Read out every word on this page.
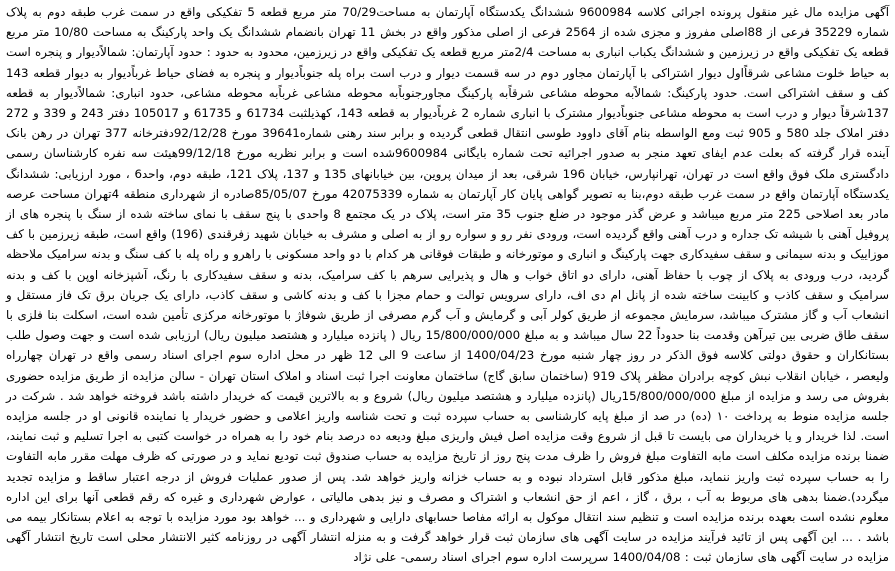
آگهی مزایده مال غیر منقول پرونده اجرائی کلاسه 9600984 ششدانگ یکدستگاه آپارتمان به مساحت70/29 متر مربع قطعه 5 تفکیکی واقع در سمت غرب طبقه دوم به پلاک شماره 35229 فرعی از 88اصلی مفروز و مجزی شده از 2564 فرعی از اصلی مذکور واقع در بخش 11 تهران بانضمام ششدانگ یک واحد پارکینگ به مساحت 10/80 متر مربع قطعه یک تفکیکی واقع در زیرزمین و ششدانگ یکباب انباری به مساحت 2/4متر مربع قطعه یک تفکیکی واقع در زیرزمین، محدود به حدود : حدود آپارتمان: شمالاًدیوار و پنجره است به حیاط خلوت مشاعی شرقاًاول دیوار اشتراکی با آپارتمان مجاور دوم در سه قسمت دیوار و درب است براه پله جنوباًدیوار و پنجره به فضای حیاط غرباًدیوار به دیوار قطعه 143 کف و سقف اشتراکی است. حدود پارکینگ: شمالاًبه محوطه مشاعی شرقاًبه پارکینگ مجاورجنوباًبه محوطه مشاعی غرباًبه محوطه مشاعی، حدود انباری: شمالاًدیوار به قطعه 137شرقاً دیوار و درب است به محوطه مشاعی جنوباًدیوار مشترک با انباری شماره 2 غرباًدیوار به قطعه 143، کهذیلثبت 61734 و 61735 و 105017 دفتر 243 و 339 و 272 دفتر املاک جلد 580 و 905 ثبت ومع الواسطه بنام آقای داوود طوسی انتقال قطعی گردیده و برابر سند رهنی شماره39641 مورخ 92/12/28دفترخانه 377 تهران در رهن بانک آینده قرار گرفته که بعلت عدم ایفای تعهد منجر به صدور اجرائیه تحت شماره بایگانی 9600984شده است و برابر نظریه مورخ 99/12/18هیئت سه نفره کارشناسان رسمی دادگستری ملک فوق واقع است در تهران، تهرانپارس، خیابان 196 شرقی، بعد از میدان پروین، بین خیابانهای 135 و 137، پلاک 121، طبقه دوم، واحد6 ، مورد ارزیابی: ششدانگ یکدستگاه آپارتمان واقع در سمت غرب طبقه دوم،بنا به تصویر گواهی پایان کار آپارتمان به شماره 42075339 مورخ 85/05/07صادره از شهرداری منطقه 4تهران مساحت عرصه مادر بعد اصلاحی 225 متر مربع میباشد و عرض گذر موجود در ضلع جنوب 35 متر است، پلاک در یک مجتمع 8 واحدی با پنج سقف با نمای ساخته شده از سنگ با پنجره های از پروفیل آهنی با شیشه تک جداره و درب آهنی واقع گردیده است، ورودی نفر رو و سواره رو از به اصلی و مشرف به خیابان شهید زفرقندی (196) واقع است، طبقه زیرزمین با کف موزاییک و بدنه سیمانی و سقف سفیدکاری جهت پارکینگ و انباری و موتورخانه و طبقات فوقانی هر کدام با دو واحد مسکونی با راهرو و راه پله با کف سنگ و بدنه سرامیک ملاحظه گردید، درب ورودی به پلاک از چوب با حفاظ آهنی، دارای دو اتاق خواب و هال و پذیرایی سرهم با کف سرامیک، بدنه و سقف سفیدکاری با رنگ، آشپزخانه اوپن با کف و بدنه سرامیک و سقف کاذب و کابینت ساخته شده از پانل ام دی اف، دارای سرویس توالت و حمام مجزا با کف و بدنه کاشی و سقف کاذب، دارای یک جریان برق تک فاز مستقل و انشعاب آب و گاز مشترک میباشد، سرمایش مجموعه از طریق کولر آبی و گرمایش و آب گرم مصرفی از طریق شوفاژ با موتورخانه مرکزی تأمین شده است، اسکلت بنا فلزی با سقف طاق ضربی بین تیرآهن وقدمت بنا حدوداً 22 سال میباشد و به مبلغ 15/800/000/000 ریال ( پانزده میلیارد و هشتصد میلیون ریال) ارزیابی شده است و جهت وصول طلب بستانکاران و حقوق دولتی کلاسه فوق الذکر در روز چهار شنبه مورخ 1400/04/23 از ساعت 9 الی 12 ظهر در محل اداره سوم اجرای اسناد رسمی واقع در تهران چهارراه ولیعصر ، خیابان انقلاب نبش کوچه برادران مظفر پلاک 919 (ساختمان سابق گاج) ساختمان معاونت اجرا ثبت اسناد و املاک استان تهران - سالن مزایده از طریق مزایده حضوری بفروش می رسد و مزایده از مبلغ 15/800/000/000ریال (پانزده میلیارد و هشتصد میلیون ریال) شروع و به بالاترین قیمت که خریدار داشته باشد فروخته خواهد شد . شرکت در جلسه مزایده منوط به پرداخت ۱۰ (ده) در صد از مبلغ پایه کارشناسی به حساب سپرده ثبت و تحت شناسه واریز اعلامی و حضور خریدار یا نماینده قانونی او در جلسه مزایده است. لذا خریدار و یا خریداران می بایست تا قبل از شروع وقت مزایده اصل فیش واریزی مبلغ ودیعه ده درصد بنام خود را به همراه در خواست کتبی به اجرا تسلیم و ثبت نمایند، ضمنا برنده مزایده مکلف است مابه التفاوت مبلغ فروش را ظرف مدت پنج روز از تاریخ مزایده به حساب صندوق ثبت تودیع نماید و در صورتی که ظرف مهلت مقرر مابه التفاوت را به حساب سپرده ثبت واریز ننماید، مبلغ مذکور قابل استرداد نبوده و به حساب خزانه واریز خواهد شد. پس از صدور عملیات فروش از درجه اعتبار ساقط و مزایده تجدید میگردد).ضمنا بدهی های مربوط به آب ، برق ، گاز ، اعم از حق انشعاب و اشتراک و مصرف و نیز بدهی مالیاتی ، عوارض شهرداری و غیره که رقم قطعی آنها برای این اداره معلوم نشده است بعهده برنده مزایده است و تنظیم سند انتقال موکول به ارائه مفاصا حسابهای دارایی و شهرداری و ... خواهد بود مورد مزایده با توجه به اعلام بستانکار بیمه می باشد . ... این آگهی پس از تائید فرآیند مزایده در سایت آگهی های سازمان ثبت قرار خواهد گرفت و به منزله انتشار آگهی در روزنامه کثیر الانتشار محلی است تاریخ انتشار آگهی مزایده در سایت آگهی های سازمان ثبت : 1400/04/08 سرپرست اداره سوم اجرای اسناد رسمی- علی نژاد
